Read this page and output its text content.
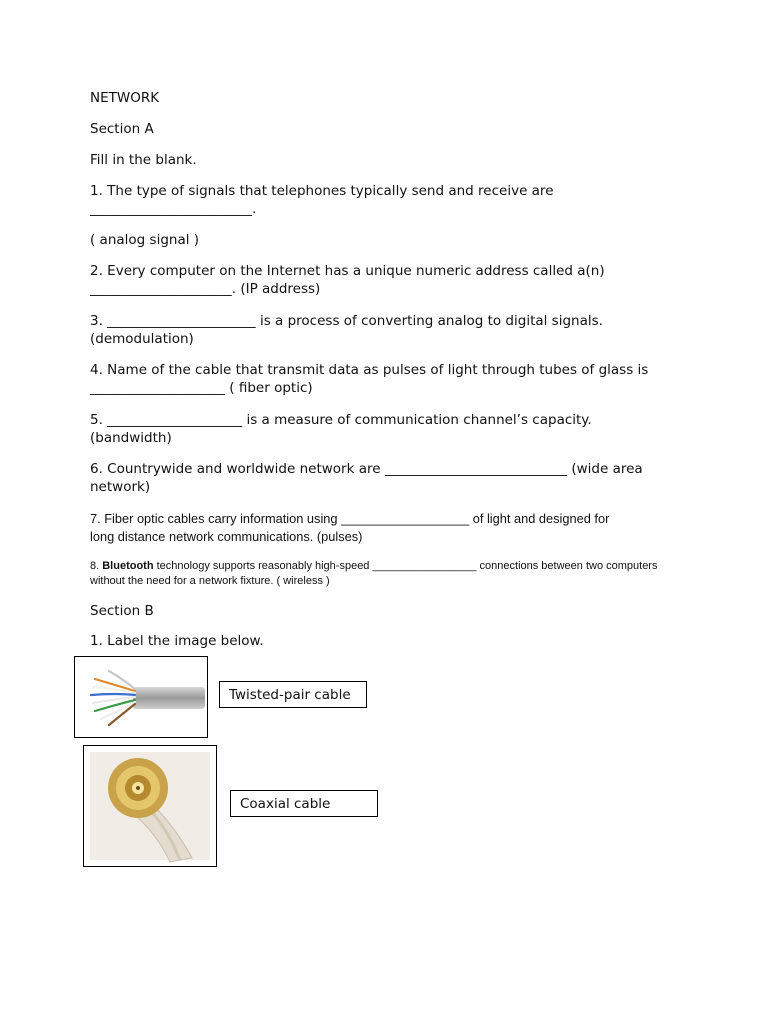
NETWORK
Section A
Fill in the blank.
1. The type of signals that telephones typically send and receive are
________________________.
( analog signal )
2. Every computer on the Internet has a unique numeric address called a(n)
_____________________. (IP address)
3. ______________________ is a process of converting analog to digital signals.
(demodulation)
4. Name of the cable that transmit data as pulses of light through tubes of glass is
____________________ ( fiber optic)
5. ____________________ is a measure of communication channel’s capacity.
(bandwidth)
6. Countrywide and worldwide network are ___________________________ (wide area
network)
7. Fiber optic cables carry information using __________________ of light and designed for
long distance network communications. (pulses)
8. Bluetooth technology supports reasonably high-speed _________________ connections between two computers
without the need for a network fixture. ( wireless )
Section B
1. Label the image below.
Twisted-pair cable
Coaxial cable
